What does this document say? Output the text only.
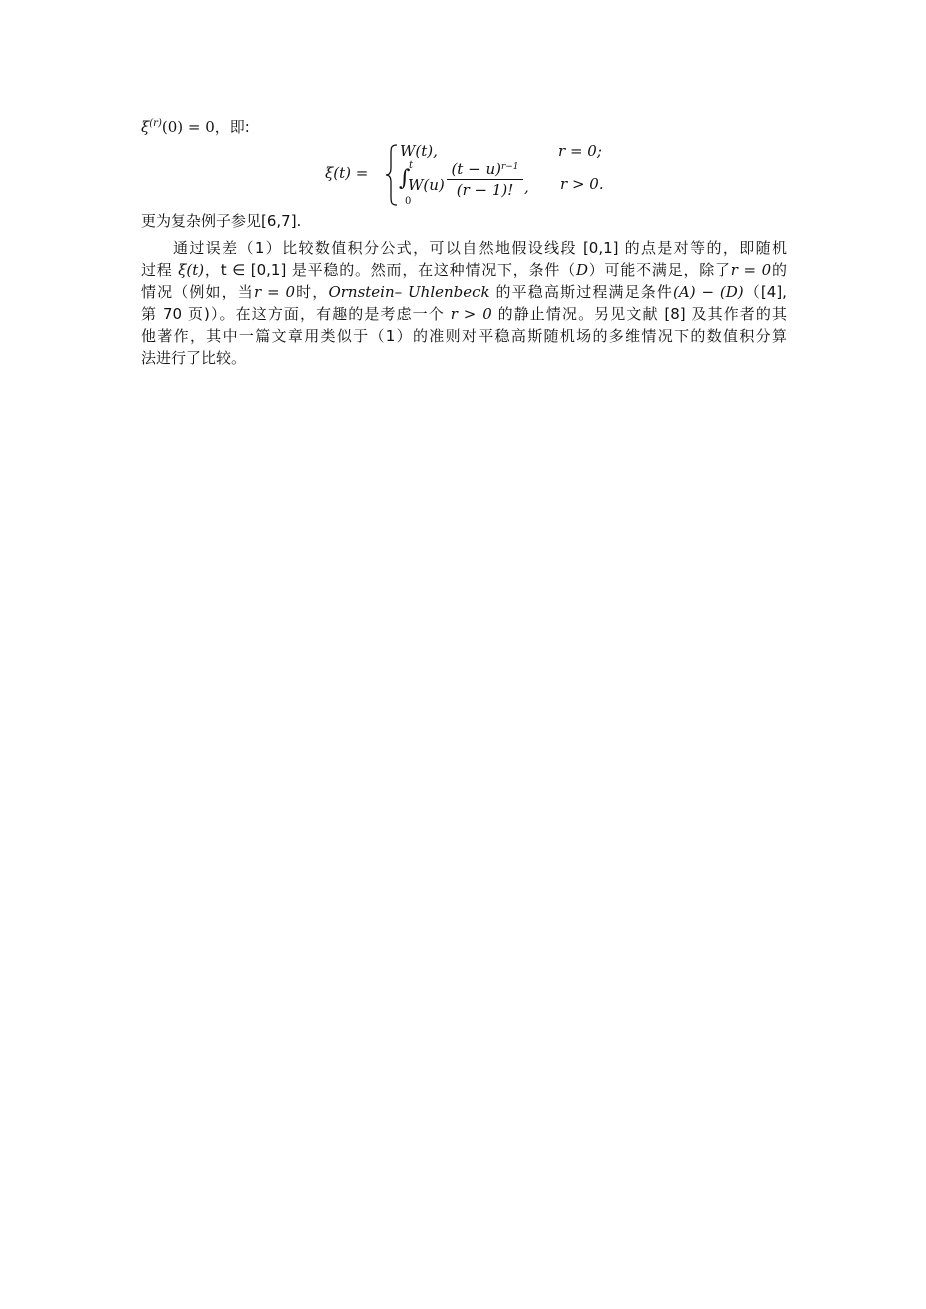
$\xi^{(r)}(0) = 0$，即:
ξ(t) =
W(t),	r = 0;
∫
t
0
W(u)
$(t - u)^{r-1}$
(r − 1)! , r > 0.
更为复杂例子参见[6,7].
通过误差（1）比较数值积分公式，可以自然地假设线段 [0,1] 的点是对等的，即随机
过程 ξ(t)，t ∈ [0,1] 是平稳的。然而，在这种情况下，条件（D）可能不满足，除了r = 0的
情况（例如，当r = 0时，Ornstein– Uhlenbeck 的平稳高斯过程满足条件(A) − (D)（[4],
第 70 页)）。在这方面，有趣的是考虑一个 r > 0 的静止情况。另见文献 [8] 及其作者的其
他著作，其中一篇文章用类似于（1）的准则对平稳高斯随机场的多维情况下的数值积分算
法进行了比较。
